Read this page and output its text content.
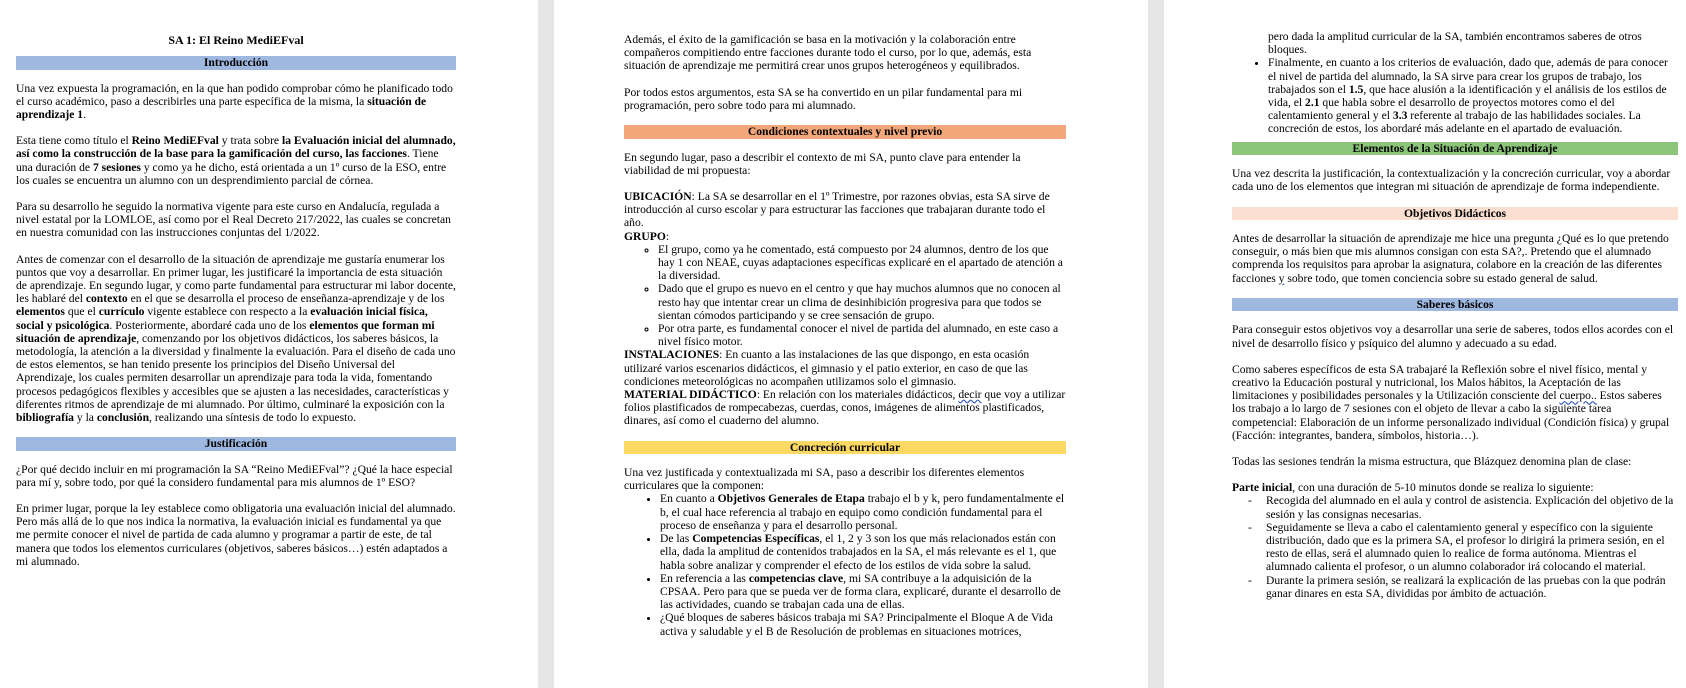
SA 1: El Reino MediEFval
Introducción

Una vez expuesta la programación, en la que han podido comprobar cómo he planificado todo el curso académico, paso a describirles una parte específica de la misma, la situación de aprendizaje 1.

Esta tiene como título el Reino MediEFval y trata sobre la Evaluación inicial del alumnado, así como la construcción de la base para la gamificación del curso, las facciones. Tiene una duración de 7 sesiones y como ya he dicho, está orientada a un 1º curso de la ESO, entre los cuales se encuentra un alumno con un desprendimiento parcial de córnea.

Para su desarrollo he seguido la normativa vigente para este curso en Andalucía, regulada a nivel estatal por la LOMLOE, así como por el Real Decreto 217/2022, las cuales se concretan en nuestra comunidad con las instrucciones conjuntas del 1/2022.

Antes de comenzar con el desarrollo de la situación de aprendizaje me gustaría enumerar los puntos que voy a desarrollar. En primer lugar, les justificaré la importancia de esta situación de aprendizaje. En segundo lugar, y como parte fundamental para estructurar mi labor docente, les hablaré del contexto en el que se desarrolla el proceso de enseñanza-aprendizaje y de los elementos que el currículo vigente establece con respecto a la evaluación inicial física, social y psicológica. Posteriormente, abordaré cada uno de los elementos que forman mi situación de aprendizaje, comenzando por los objetivos didácticos, los saberes básicos, la metodología, la atención a la diversidad y finalmente la evaluación. Para el diseño de cada uno de estos elementos, se han tenido presente los principios del Diseño Universal del Aprendizaje, los cuales permiten desarrollar un aprendizaje para toda la vida, fomentando procesos pedagógicos flexibles y accesibles que se ajusten a las necesidades, características y diferentes ritmos de aprendizaje de mi alumnado. Por último, culminaré la exposición con la bibliografía y la conclusión, realizando una síntesis de todo lo expuesto.

Justificación

¿Por qué decido incluir en mi programación la SA “Reino MediEFval”? ¿Qué la hace especial para mí y, sobre todo, por qué la considero fundamental para mis alumnos de 1º ESO?

En primer lugar, porque la ley establece como obligatoria una evaluación inicial del alumnado. Pero más allá de lo que nos indica la normativa, la evaluación inicial es fundamental ya que me permite conocer el nivel de partida de cada alumno y programar a partir de este, de tal manera que todos los elementos curriculares (objetivos, saberes básicos…) estén adaptados a mi alumnado.

Además, el éxito de la gamificación se basa en la motivación y la colaboración entre compañeros compitiendo entre facciones durante todo el curso, por lo que, además, esta situación de aprendizaje me permitirá crear unos grupos heterogéneos y equilibrados.

Por todos estos argumentos, esta SA se ha convertido en un pilar fundamental para mi programación, pero sobre todo para mi alumnado.

Condiciones contextuales y nivel previo

En segundo lugar, paso a describir el contexto de mi SA, punto clave para entender la viabilidad de mi propuesta:

UBICACIÓN: La SA se desarrollar en el 1º Trimestre, por razones obvias, esta SA sirve de introducción al curso escolar y para estructurar las facciones que trabajaran durante todo el año.

GRUPO:

◦ El grupo, como ya he comentado, está compuesto por 24 alumnos, dentro de los que hay 1 con NEAE, cuyas adaptaciones específicas explicaré en el apartado de atención a la diversidad.
◦ Dado que el grupo es nuevo en el centro y que hay muchos alumnos que no conocen al resto hay que intentar crear un clima de desinhibición progresiva para que todos se sientan cómodos participando y se cree sensación de grupo.
◦ Por otra parte, es fundamental conocer el nivel de partida del alumnado, en este caso a nivel físico motor.

INSTALACIONES: En cuanto a las instalaciones de las que dispongo, en esta ocasión utilizaré varios escenarios didácticos, el gimnasio y el patio exterior, en caso de que las condiciones meteorológicas no acompañen utilizamos solo el gimnasio.

MATERIAL DIDÁCTICO: En relación con los materiales didácticos, decir que voy a utilizar folios plastificados de rompecabezas, cuerdas, conos, imágenes de alimentos plastificados, dinares, así como el cuaderno del alumno.

Concreción curricular

Una vez justificada y contextualizada mi SA, paso a describir los diferentes elementos curriculares que la componen:

• En cuanto a Objetivos Generales de Etapa trabajo el b y k, pero fundamentalmente el b, el cual hace referencia al trabajo en equipo como condición fundamental para el proceso de enseñanza y para el desarrollo personal.
• De las Competencias Específicas, el 1, 2 y 3 son los que más relacionados están con ella, dada la amplitud de contenidos trabajados en la SA, el más relevante es el 1, que habla sobre analizar y comprender el efecto de los estilos de vida sobre la salud.
• En referencia a las competencias clave, mi SA contribuye a la adquisición de la CPSAA. Pero para que se pueda ver de forma clara, explicaré, durante el desarrollo de las actividades, cuando se trabajan cada una de ellas.
• ¿Qué bloques de saberes básicos trabaja mi SA? Principalmente el Bloque A de Vida activa y saludable y el B de Resolución de problemas en situaciones motrices,

pero dada la amplitud curricular de la SA, también encontramos saberes de otros bloques.

• Finalmente, en cuanto a los criterios de evaluación, dado que, además de para conocer el nivel de partida del alumnado, la SA sirve para crear los grupos de trabajo, los trabajados son el 1.5, que hace alusión a la identificación y el análisis de los estilos de vida, el 2.1 que habla sobre el desarrollo de proyectos motores como el del calentamiento general y el 3.3 referente al trabajo de las habilidades sociales. La concreción de estos, los abordaré más adelante en el apartado de evaluación.
Elementos de la Situación de Aprendizaje

Una vez descrita la justificación, la contextualización y la concreción curricular, voy a abordar cada uno de los elementos que integran mi situación de aprendizaje de forma independiente.

Objetivos Didácticos

Antes de desarrollar la situación de aprendizaje me hice una pregunta ¿Qué es lo que pretendo conseguir, o más bien que mis alumnos consigan con esta SA?,. Pretendo que el alumnado comprenda los requisitos para aprobar la asignatura, colabore en la creación de las diferentes facciones y sobre todo, que tomen conciencia sobre su estado general de salud.

Saberes básicos

Para conseguir estos objetivos voy a desarrollar una serie de saberes, todos ellos acordes con el nivel de desarrollo físico y psíquico del alumno y adecuado a su edad.

Como saberes específicos de esta SA trabajaré la Reflexión sobre el nivel físico, mental y creativo la Educación postural y nutricional, los Malos hábitos, la Aceptación de las limitaciones y posibilidades personales y la Utilización consciente del cuerpo.. Estos saberes los trabajo a lo largo de 7 sesiones con el objeto de llevar a cabo la siguiente tarea competencial: Elaboración de un informe personalizado individual (Condición física) y grupal (Facción: integrantes, bandera, símbolos, historia…).

Todas las sesiones tendrán la misma estructura, que Blázquez denomina plan de clase:

Parte inicial, con una duración de 5-10 minutos donde se realiza lo siguiente:

- Recogida del alumnado en el aula y control de asistencia. Explicación del objetivo de la sesión y las consignas necesarias.
- Seguidamente se lleva a cabo el calentamiento general y específico con la siguiente distribución, dado que es la primera SA, el profesor lo dirigirá la primera sesión, en el resto de ellas, será el alumnado quien lo realice de forma autónoma. Mientras el alumnado calienta el profesor, o un alumno colaborador irá colocando el material.
- Durante la primera sesión, se realizará la explicación de las pruebas con la que podrán ganar dinares en esta SA, divididas por ámbito de actuación.
